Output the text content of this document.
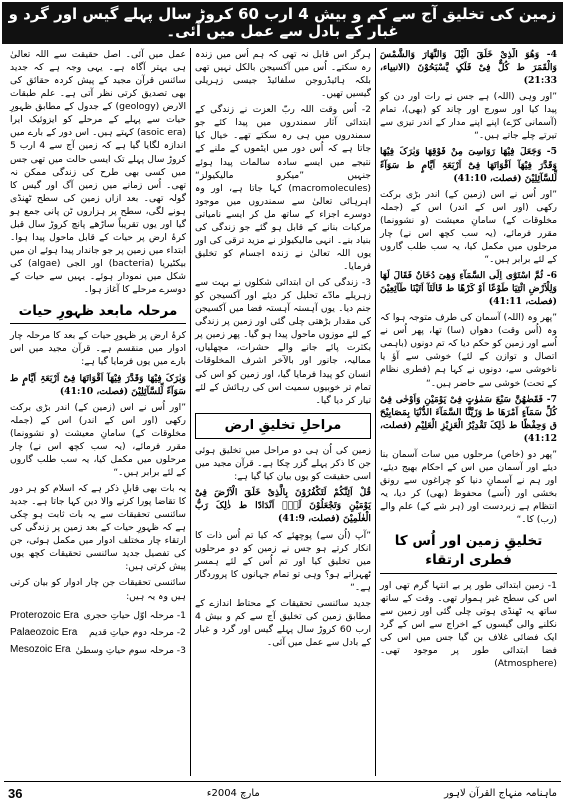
زمین کی تخلیق آج سے کم و بیش 4 ارب 60 کروڑ سال پہلے گیس اور گرد و غبار کے بادل سے عمل میں آئی۔

4- وَھُوَ الَّذِیْ خَلَقَ الَّیْلَ وَالنَّھَارَ وَالشَّمْسَ وَالْقَمَرَ ط کُلٌّ فِیْ فَلَکٍ یَّسْبَحُوْنَ (الانبیاء، 21:33)

”اور وہی (اللہ) ہے جس نے رات اور دن کو پیدا کیا اور سورج اور چاند کو (بھی)، تمام (آسمانی کرّے) اپنے اپنے مدار کے اندر تیزی سے تیرتے چلے جاتے ہیں۔“

5- وَجَعَلَ فِیْھَا رَوَاسِیَ مِنْ فَوْقِھَا وَبٰرَکَ فِیْھَا وَقَدَّرَ فِیْھَآ اَقْوَاتَھَا فِیْٓ اَرْبَعَۃِ اَیَّامٍ ط سَوَآءً لِّلسَّآئِلِیْنَ (فصلت، 41:10)

”اور اُس نے اس (زمین کے) اندر بڑی برکت رکھی (اور اس کے اندر) اس کے (جملہ مخلوقات کے) سامانِ معیشت (و نشوونما) مقرر فرمائے، (یہ سب کچھ اس نے) چار مرحلوں میں مکمل کیا، یہ سب طلب گاروں کے لئے برابر ہیں۔“

6- ثُمَّ اسْتَوٰٓی اِلَی السَّمَآءِ وَھِیَ دُخَانٌ فَقَالَ لَھَا وَلِلْاَرْضِ ائْتِیَا طَوْعًا اَوْ کَرْھًا ط قَالَتَآ اَتَیْنَا طَآئِعِیْنَ (فصلت، 41:11)

”پھر وہ (اللہ) آسمان کی طرف متوجہ ہوا کہ وہ (اُس وقت) دھواں (سا) تھا، پھر اُس نے اُسے اور زمین کو حکم دیا کہ تم دونوں (باہمی اتصال و توازن کے لئے) خوشی سے آؤ یا ناخوشی سے، دونوں نے کہا ہم (فطری نظام کے تحت) خوشی سے حاضر ہیں۔“

7- فَقَضٰھُنَّ سَبْعَ سَمٰوٰتٍ فِیْ یَوْمَیْنِ وَاَوْحٰی فِیْ کُلِّ سَمَآءٍ اَمْرَھَا ط وَزَیَّنَّا السَّمَآءَ الدُّنْیَا بِمَصَابِیْحَ ق وَحِفْظًا ط ذٰلِکَ تَقْدِیْرُ الْعَزِیْزِ الْعَلِیْمِ (فصلت، 41:12)

”پھر دو (خاص) مرحلوں میں سات آسمان بنا دیئے اور آسمان میں اس کے احکام بھیج دیئے، اور ہم نے آسمانِ دنیا کو چراغوں سے رونق بخشی اور (اُسے) محفوظ (بھی) کر دیا، یہ انتظام ہے زبردست اور (ہر شے کے) علم والے (رب) کا۔“

تخلیقِ زمین اور اُس کا فطری ارتقاء

1- زمین ابتدائی طور پر بے انتہا گرم تھی اور اس کی سطح غیر ہموار تھی۔ وقت کے ساتھ ساتھ یہ ٹھنڈی ہوتی چلی گئی اور زمین سے نکلنے والی گیسوں کے اخراج سے اس کے گرد ایک فضائی غلاف بن گیا جس میں اس کی فضا ابتدائی طور پر موجود تھی۔ (Atmosphere)

ہرگز اس قابل نہ تھی کہ ہم اُس میں زندہ رہ سکتے۔ اُس میں آکسیجن بالکل نہیں تھی بلکہ ہائیڈروجن سلفائیڈ جیسی زہریلی گیسیں تھیں۔

2- اُس وقت اللہ ربّ العزت نے زندگی کے ابتدائی آثار سمندروں میں پیدا کئے جو سمندروں میں ہی رہ سکتے تھے۔ خیال کیا جاتا ہے کہ اُس دور میں ایٹموں کے ملنے کے نتیجے میں ایسے سادہ سالمات پیدا ہوئے جنہیں ”میکرو مالیکیولز“ (macromolecules) کہا جاتا ہے، اور وہ اہرہائی تعالیٰ سے سمندروں میں موجود دوسرے اجزاء کے ساتھ مل کر ایسے نامیاتی مرکبات بنانے کے قابل ہو گئے جو زندگی کی بنیاد بنے۔ انہی مالیکیولز نے مزید ترقی کی اور یوں اللہ تعالیٰ نے زندہ اجسام کو تخلیق فرمایا۔

3- زندگی کی ان ابتدائی شکلوں نے بہت سے زہریلے مادّے تحلیل کر دیئے اور آکسیجن کو جنم دیا۔ یوں آہستہ آہستہ فضا میں آکسیجن کی مقدار بڑھتی چلی گئی اور زمین پر زندگی کے لئے موزوں ماحول پیدا ہو گیا۔ پھر زمین پر بکثرت پائے جانے والے حشرات، مچھلیاں، ممالیہ، جانور اور بالآخر اشرف المخلوقات انسان کو پیدا فرمایا گیا، اور زمین کو اس کی تمام تر خوبیوں سمیت اس کی رہائش کے لئے تیار کر دیا گیا۔

مراحلِ تخلیقِ ارض

زمین کی اُن ہی دو مراحل میں تخلیق ہوئی جن کا ذکر پہلے گزر چکا ہے۔ قرآن مجید میں اسی حقیقت کو یوں بیان کیا گیا ہے:

قُلْ اَئِنَّکُمْ لَتَکْفُرُوْنَ بِالَّذِیْ خَلَقَ الْاَرْضَ فِیْ یَوْمَیْنِ وَتَجْعَلُوْنَ لَہٗٓ اَنْدَادًا ط ذٰلِکَ رَبُّ الْعٰلَمِیْنَ (فصلت، 41:9)

”آپ (اُن سے) پوچھئے کہ کیا تم اُس ذات کا انکار کرتے ہو جس نے زمین کو دو مرحلوں میں تخلیق کیا اور تم اُس کے لئے ہمسر ٹھہراتے ہو؟ وہی تو تمام جہانوں کا پروردگار ہے۔“

جدید سائنسی تحقیقات کے محتاط اندازے کے مطابق زمین کی تخلیق آج سے کم و بیش 4 ارب 60 کروڑ سال پہلے گیس اور گرد و غبار کے بادل سے عمل میں آئی۔

عمل میں آئی۔ اصل حقیقت سے اللہ تعالیٰ ہی بہتر آگاہ ہے۔ یہی وجہ ہے کہ جدید سائنس قرآن مجید کے پیش کردہ حقائق کی بھی تصدیق کرتی نظر آتی ہے۔ علم طبقات الارض (geology) کے جدول کے مطابق ظہورِ حیات سے پہلے کے مرحلے کو ایزوئیک ایرا (asoic era) کہتے ہیں۔ اس دور کے بارے میں اندازہ لگایا گیا ہے کہ زمین آج سے 4 ارب 5 کروڑ سال پہلے تک ایسی حالت میں تھی جس میں کسی بھی طرح کی زندگی ممکن نہ تھی۔ اُس زمانے میں زمین آگ اور گیس کا گولہ تھی۔ بعد ازاں زمین کی سطح ٹھنڈی ہونے لگی، سطح پر ہزاروں ٹن پانی جمع ہو گیا اور یوں تقریباً ساڑھے پانچ کروڑ سال قبل کرۂ ارض پر حیات کے قابل ماحول پیدا ہوا۔ ابتداء میں زمین پر جو جاندار پیدا ہوئے ان میں بیکٹیریا (bacteria) اور الجی (algae) کی شکل میں نمودار ہوئے۔ یہیں سے حیات کے دوسرے مرحلے کا آغاز ہوا۔

مرحلہ مابعد ظہورِ حیات

کرۂ ارض پر ظہورِ حیات کے بعد کا مرحلہ چار ادوار میں منقسم ہے۔ قرآن مجید میں اس بارے میں یوں فرمایا گیا ہے:

وَبٰرَکَ فِیْھَا وَقَدَّرَ فِیْھَآ اَقْوَاتَھَا فِیْٓ اَرْبَعَۃِ اَیَّامٍ ط سَوَآءً لِّلسَّآئِلِیْنَ (فصلت، 41:10)

”اور اُس نے اس (زمین کے) اندر بڑی برکت رکھی (اور اس کے اندر) اس کے (جملہ مخلوقات کے) سامانِ معیشت (و نشوونما) مقرر فرمائے، (یہ سب کچھ اس نے) چار مرحلوں میں مکمل کیا، یہ سب طلب گاروں کے لئے برابر ہیں۔“

یہ بات بھی قابلِ ذکر ہے کہ اسلام کو ہر دور کا تقاضا پورا کرنے والا دین کہا جاتا ہے۔ جدید سائنسی تحقیقات سے یہ بات ثابت ہو چکی ہے کہ ظہورِ حیات کے بعد زمین پر زندگی کی ارتقاء چار مختلف ادوار میں مکمل ہوئی، جن کی تفصیل جدید سائنسی تحقیقات کچھ یوں پیش کرتی ہیں:

سائنسی تحقیقات جن چار ادوار کو بیان کرتی ہیں وہ یہ ہیں:

1- مرحلہ اوّل حیاتِ حجری
Proterozoic Era
2- مرحلہ دوم حیاتِ قدیم
Palaeozoic Era
3- مرحلہ سوم حیاتِ وسطیٰ
Mesozoic Era
ماہنامہ منہاج القرآن لاہور
مارچ 2004ء
36
